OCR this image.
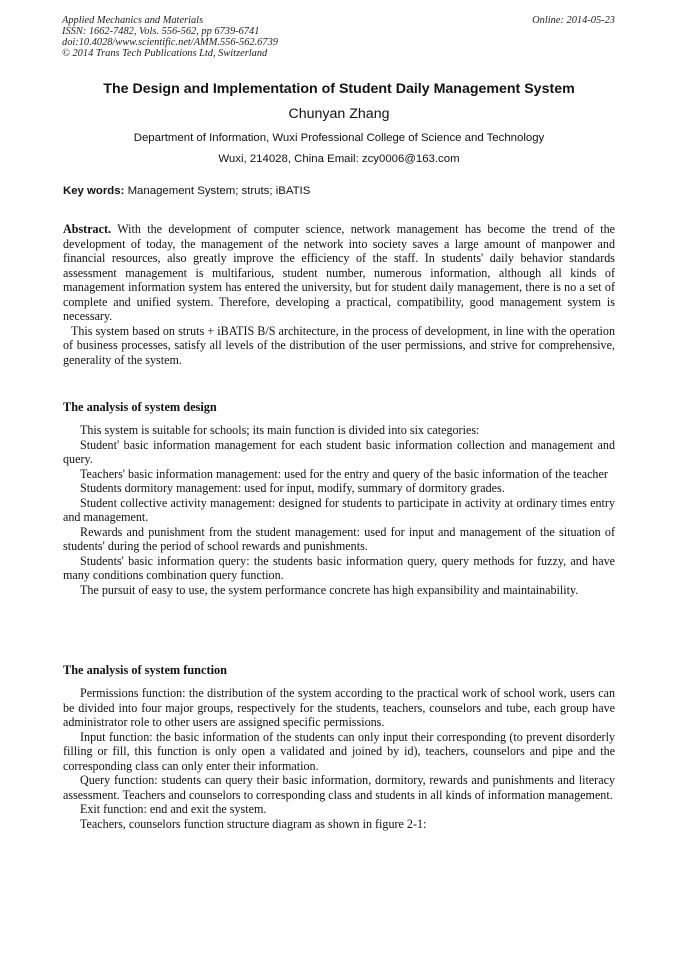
Applied Mechanics and Materials
ISSN: 1662-7482, Vols. 556-562, pp 6739-6741
doi:10.4028/www.scientific.net/AMM.556-562.6739
© 2014 Trans Tech Publications Ltd, Switzerland
Online: 2014-05-23
The Design and Implementation of Student Daily Management System
Chunyan Zhang
Department of Information, Wuxi Professional College of Science and Technology
Wuxi, 214028, China Email: zcy0006@163.com
Key words: Management System; struts; iBATIS

Abstract. With the development of computer science, network management has become the trend of the development of today, the management of the network into society saves a large amount of manpower and financial resources, also greatly improve the efficiency of the staff. In students' daily behavior standards assessment management is multifarious, student number, numerous information, although all kinds of management information system has entered the university, but for student daily management, there is no a set of complete and unified system. Therefore, developing a practical, compatibility, good management system is necessary.

This system based on struts + iBATIS B/S architecture, in the process of development, in line with the operation of business processes, satisfy all levels of the distribution of the user permissions, and strive for comprehensive, generality of the system.

The analysis of system design

This system is suitable for schools; its main function is divided into six categories:

Student' basic information management for each student basic information collection and management and query.

Teachers' basic information management: used for the entry and query of the basic information of the teacher

Students dormitory management: used for input, modify, summary of dormitory grades.

Student collective activity management: designed for students to participate in activity at ordinary times entry and management.

Rewards and punishment from the student management: used for input and management of the situation of students' during the period of school rewards and punishments.

Students' basic information query: the students basic information query, query methods for fuzzy, and have many conditions combination query function.

The pursuit of easy to use, the system performance concrete has high expansibility and maintainability.

The analysis of system function

Permissions function: the distribution of the system according to the practical work of school work, users can be divided into four major groups, respectively for the students, teachers, counselors and tube, each group have administrator role to other users are assigned specific permissions.

Input function: the basic information of the students can only input their corresponding (to prevent disorderly filling or fill, this function is only open a validated and joined by id), teachers, counselors and pipe and the corresponding class can only enter their information.

Query function: students can query their basic information, dormitory, rewards and punishments and literacy assessment. Teachers and counselors to corresponding class and students in all kinds of information management.

Exit function: end and exit the system.

Teachers, counselors function structure diagram as shown in figure 2-1:
